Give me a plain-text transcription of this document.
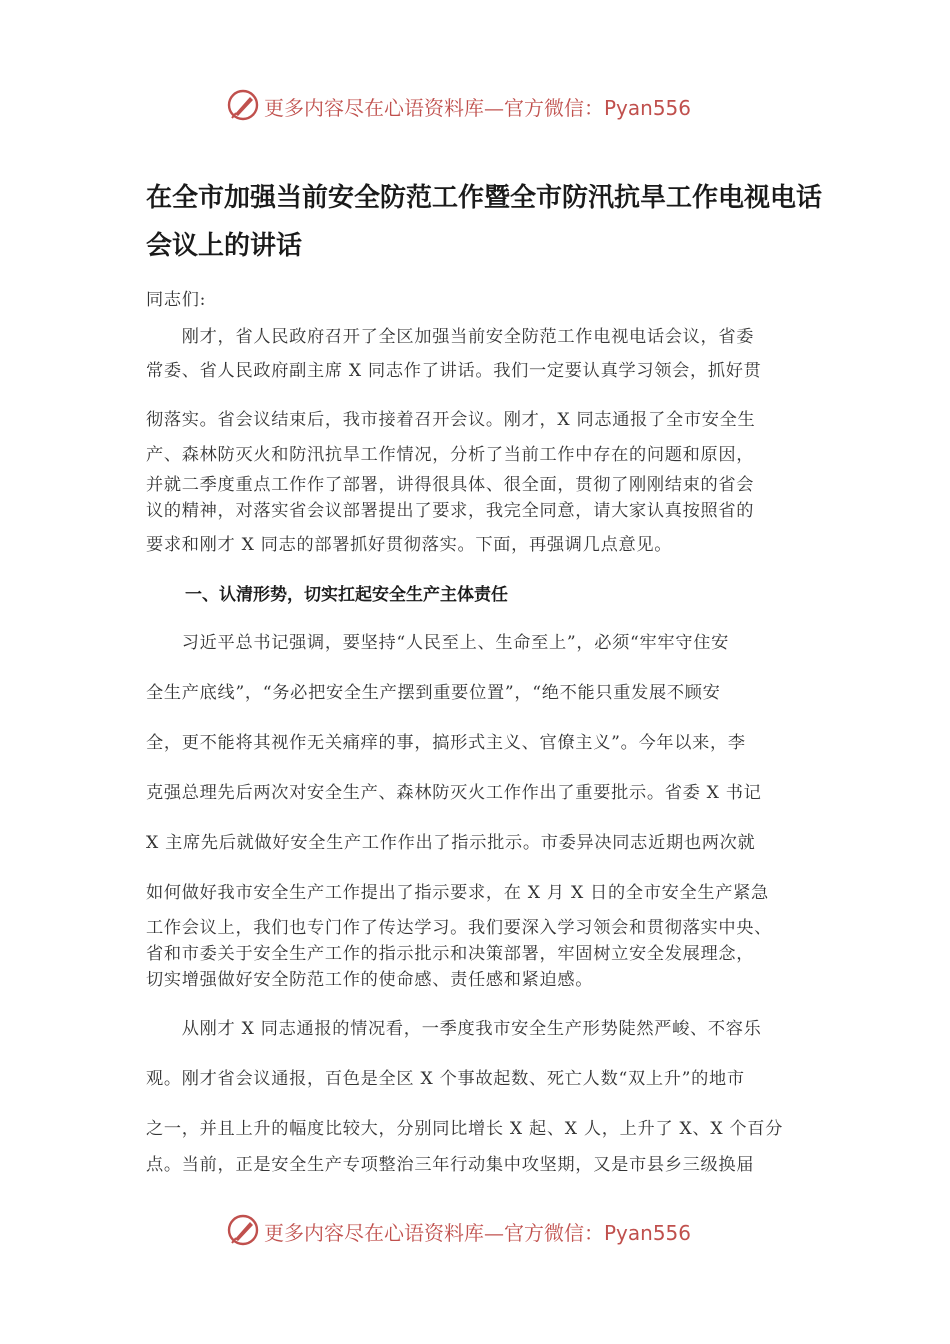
更多内容尽在心语资料库—官方微信：Pyan556
在全市加强当前安全防范工作暨全市防汛抗旱工作电视电话会议上的讲话
同志们:
　　刚才，省人民政府召开了全区加强当前安全防范工作电视电话会议，省委
常委、省人民政府副主席 X 同志作了讲话。我们一定要认真学习领会，抓好贯
彻落实。省会议结束后，我市接着召开会议。刚才，X 同志通报了全市安全生
产、森林防灭火和防汛抗旱工作情况，分析了当前工作中存在的问题和原因，
并就二季度重点工作作了部署，讲得很具体、很全面，贯彻了刚刚结束的省会
议的精神，对落实省会议部署提出了要求，我完全同意，请大家认真按照省的
要求和刚才 X 同志的部署抓好贯彻落实。下面，再强调几点意见。
一、认清形势，切实扛起安全生产主体责任
　　习近平总书记强调，要坚持“人民至上、生命至上”，必须“牢牢守住安
全生产底线”，“务必把安全生产摆到重要位置”，“绝不能只重发展不顾安
全，更不能将其视作无关痛痒的事，搞形式主义、官僚主义”。今年以来，李
克强总理先后两次对安全生产、森林防灭火工作作出了重要批示。省委 X 书记
X 主席先后就做好安全生产工作作出了指示批示。市委异决同志近期也两次就
如何做好我市安全生产工作提出了指示要求，在 X 月 X 日的全市安全生产紧急
工作会议上，我们也专门作了传达学习。我们要深入学习领会和贯彻落实中央、
省和市委关于安全生产工作的指示批示和决策部署，牢固树立安全发展理念，
切实增强做好安全防范工作的使命感、责任感和紧迫感。
　　从刚才 X 同志通报的情况看，一季度我市安全生产形势陡然严峻、不容乐
观。刚才省会议通报，百色是全区 X 个事故起数、死亡人数“双上升”的地市
之一，并且上升的幅度比较大，分别同比增长 X 起、X 人，上升了 X、X 个百分
点。当前，正是安全生产专项整治三年行动集中攻坚期，又是市县乡三级换届
更多内容尽在心语资料库—官方微信：Pyan556
